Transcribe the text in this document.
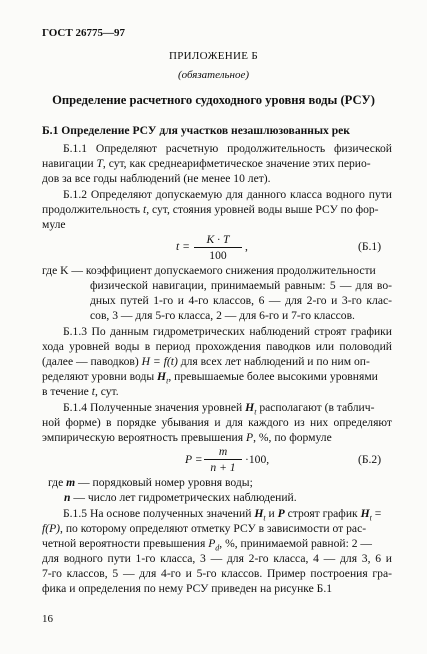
ГОСТ 26775—97
ПРИЛОЖЕНИЕ Б
(обязательное)
Определение расчетного судоходного уровня воды (РСУ)
Б.1 Определение РСУ для участков незашлюзованных рек
Б.1.1 Определяют расчетную продолжительность физической
навигации T, сут, как среднеарифметическое значение этих перио-
дов за все годы наблюдений (не менее 10 лет).
Б.1.2 Определяют допускаемую для данного класса водного пути
продолжительность t, сут, стояния уровней воды выше РСУ по фор-
муле
$t = \frac{K \cdot T}{100}$ ,	(Б.1)
где K — коэффициент допускаемого снижения продолжительности
физической навигации, принимаемый равным: 5 — для во-
дных путей 1-го и 4-го классов, 6 — для 2-го и 3-го клас-
сов, 3 — для 5-го класса, 2 — для 6-го и 7-го классов.
Б.1.3 По данным гидрометрических наблюдений строят графики
хода уровней воды в период прохождения паводков или половодий
(далее — паводков) H = f(t) для всех лет наблюдений и по ним оп-
ределяют уровни воды $H_t$, превышаемые более высокими уровнями
в течение t, сут.
Б.1.4 Полученные значения уровней $H_t$ располагают (в таблич-
ной форме) в порядке убывания и для каждого из них определяют
эмпирическую вероятность превышения P, %, по формуле
$P = \frac{m}{n + 1} \cdot 100$,	(Б.2)
где m — порядковый номер уровня воды;
n — число лет гидрометрических наблюдений.
Б.1.5 На основе полученных значений $H_t$ и P строят график $H_t$ =
f(P), по которому определяют отметку РСУ в зависимости от рас-
четной вероятности превышения $P_d$, %, принимаемой равной: 2 —
для водного пути 1-го класса, 3 — для 2-го класса, 4 — для 3, 6 и
7-го классов, 5 — для 4-го и 5-го классов. Пример построения гра-
фика и определения по нему РСУ приведен на рисунке Б.1
16
